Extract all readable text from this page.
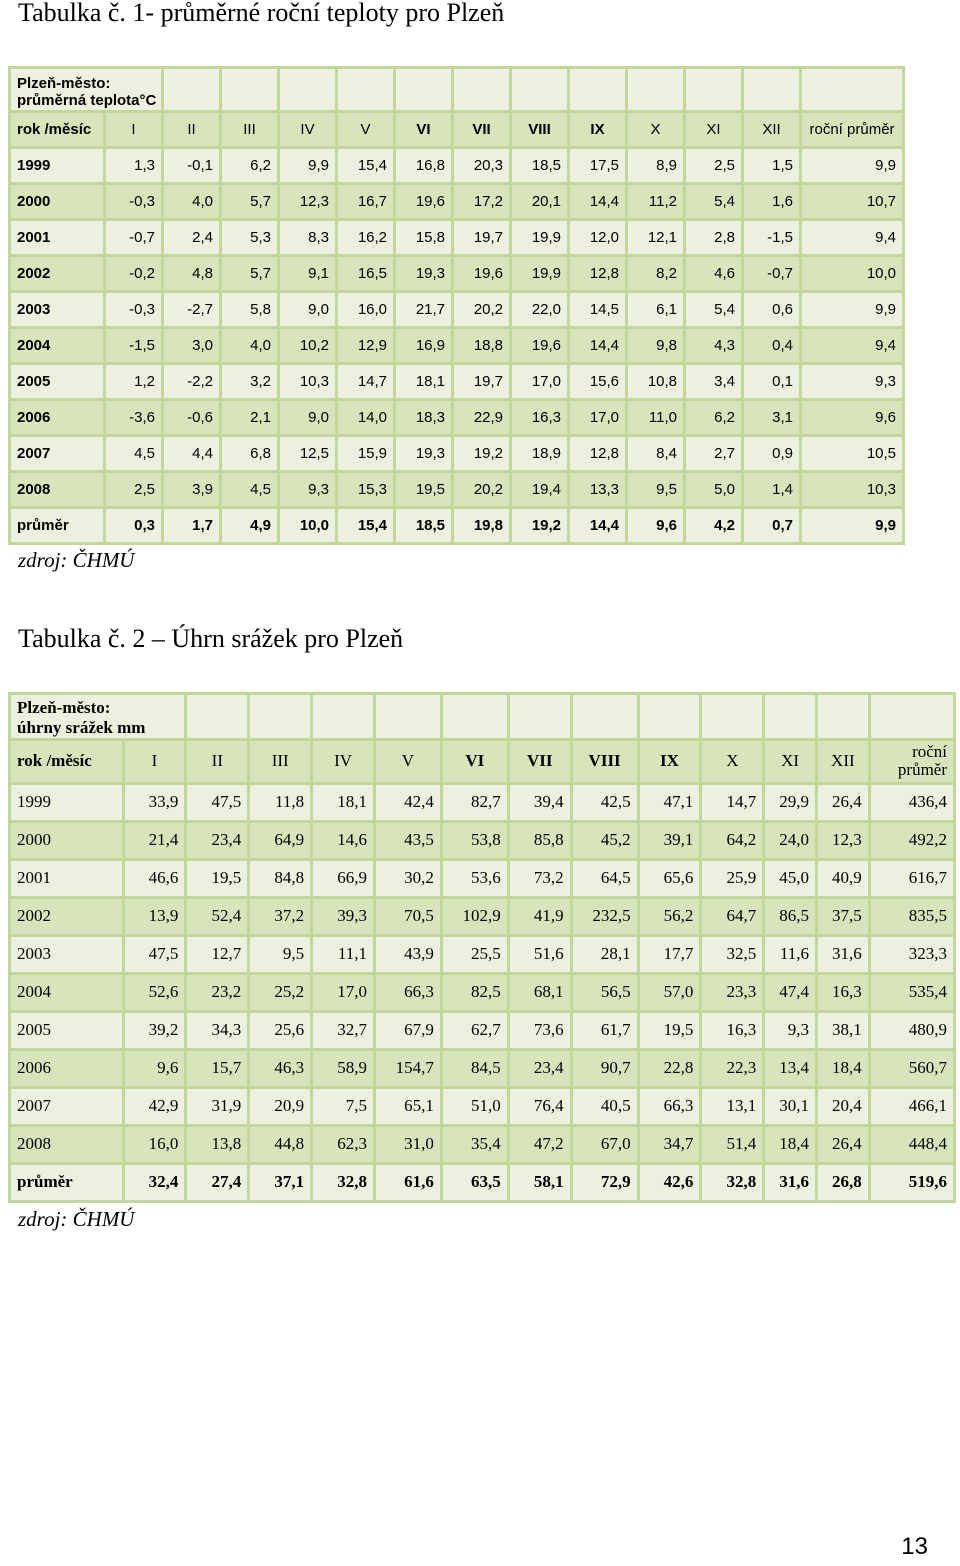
Tabulka č. 1- průměrné roční teploty pro Plzeň
Plzeň-město:													
průměrná teplota°C													
rok /měsíc	I	II	III	IV	V	VI	VII	VIII	IX	X	XI	XII	roční průměr
1999	1,3	-0,1	6,2	9,9	15,4	16,8	20,3	18,5	17,5	8,9	2,5	1,5	9,9
2000	-0,3	4,0	5,7	12,3	16,7	19,6	17,2	20,1	14,4	11,2	5,4	1,6	10,7
2001	-0,7	2,4	5,3	8,3	16,2	15,8	19,7	19,9	12,0	12,1	2,8	-1,5	9,4
2002	-0,2	4,8	5,7	9,1	16,5	19,3	19,6	19,9	12,8	8,2	4,6	-0,7	10,0
2003	-0,3	-2,7	5,8	9,0	16,0	21,7	20,2	22,0	14,5	6,1	5,4	0,6	9,9
2004	-1,5	3,0	4,0	10,2	12,9	16,9	18,8	19,6	14,4	9,8	4,3	0,4	9,4
2005	1,2	-2,2	3,2	10,3	14,7	18,1	19,7	17,0	15,6	10,8	3,4	0,1	9,3
2006	-3,6	-0,6	2,1	9,0	14,0	18,3	22,9	16,3	17,0	11,0	6,2	3,1	9,6
2007	4,5	4,4	6,8	12,5	15,9	19,3	19,2	18,9	12,8	8,4	2,7	0,9	10,5
2008	2,5	3,9	4,5	9,3	15,3	19,5	20,2	19,4	13,3	9,5	5,0	1,4	10,3
průměr	0,3	1,7	4,9	10,0	15,4	18,5	19,8	19,2	14,4	9,6	4,2	0,7	9,9
zdroj: ČHMÚ
Tabulka č. 2 – Úhrn srážek pro Plzeň
Plzeň-město:													
úhrny srážek mm													
rok /měsíc	I	II	III	IV	V	VI	VII	VIII	IX	X	XI	XII	roční průměr
1999	33,9	47,5	11,8	18,1	42,4	82,7	39,4	42,5	47,1	14,7	29,9	26,4	436,4
2000	21,4	23,4	64,9	14,6	43,5	53,8	85,8	45,2	39,1	64,2	24,0	12,3	492,2
2001	46,6	19,5	84,8	66,9	30,2	53,6	73,2	64,5	65,6	25,9	45,0	40,9	616,7
2002	13,9	52,4	37,2	39,3	70,5	102,9	41,9	232,5	56,2	64,7	86,5	37,5	835,5
2003	47,5	12,7	9,5	11,1	43,9	25,5	51,6	28,1	17,7	32,5	11,6	31,6	323,3
2004	52,6	23,2	25,2	17,0	66,3	82,5	68,1	56,5	57,0	23,3	47,4	16,3	535,4
2005	39,2	34,3	25,6	32,7	67,9	62,7	73,6	61,7	19,5	16,3	9,3	38,1	480,9
2006	9,6	15,7	46,3	58,9	154,7	84,5	23,4	90,7	22,8	22,3	13,4	18,4	560,7
2007	42,9	31,9	20,9	7,5	65,1	51,0	76,4	40,5	66,3	13,1	30,1	20,4	466,1
2008	16,0	13,8	44,8	62,3	31,0	35,4	47,2	67,0	34,7	51,4	18,4	26,4	448,4
průměr	32,4	27,4	37,1	32,8	61,6	63,5	58,1	72,9	42,6	32,8	31,6	26,8	519,6
zdroj: ČHMÚ
13
